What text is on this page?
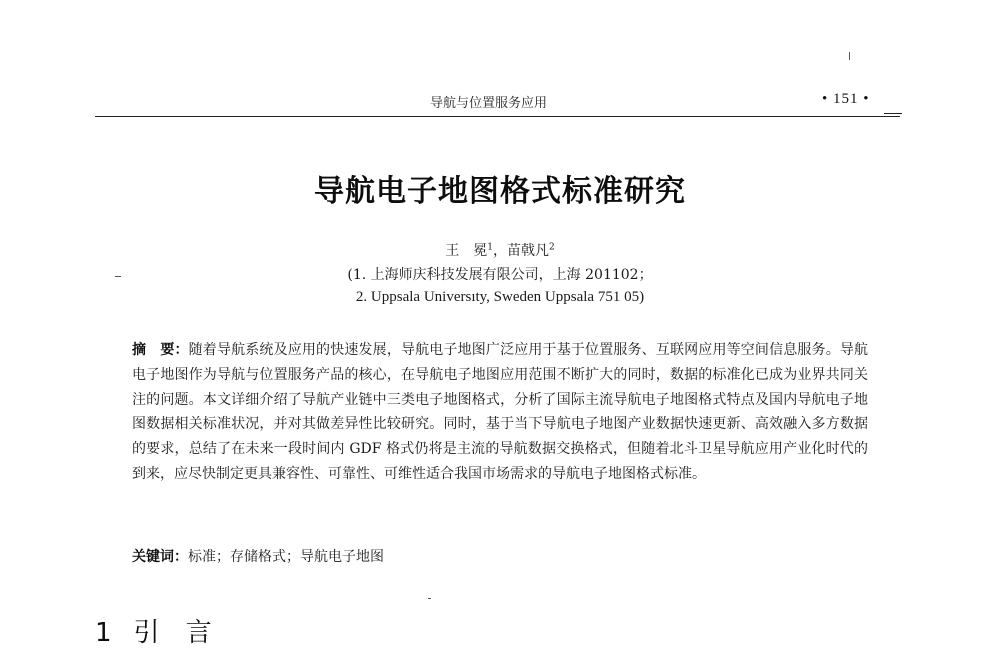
导航与位置服务应用	• 151 •
导航电子地图格式标准研究
王　冕$^1$，苗戟凡$^2$
(1. 上海师庆科技发展有限公司，上海 201102；
2. Uppsala Universıty, Sweden Uppsala 751 05)
摘　要：随着导航系统及应用的快速发展，导航电子地图广泛应用于基于位置服务、互联网应用等空间信息服务。导航电子地图作为导航与位置服务产品的核心，在导航电子地图应用范围不断扩大的同时，数据的标准化已成为业界共同关注的问题。本文详细介绍了导航产业链中三类电子地图格式，分析了国际主流导航电子地图格式特点及国内导航电子地图数据相关标准状况，并对其做差异性比较研究。同时，基于当下导航电子地图产业数据快速更新、高效融入多方数据的要求，总结了在未来一段时间内 GDF 格式仍将是主流的导航数据交换格式，但随着北斗卫星导航应用产业化时代的到来，应尽快制定更具兼容性、可靠性、可维性适合我国市场需求的导航电子地图格式标准。
关键词：标准；存储格式；导航电子地图
1 引 言
